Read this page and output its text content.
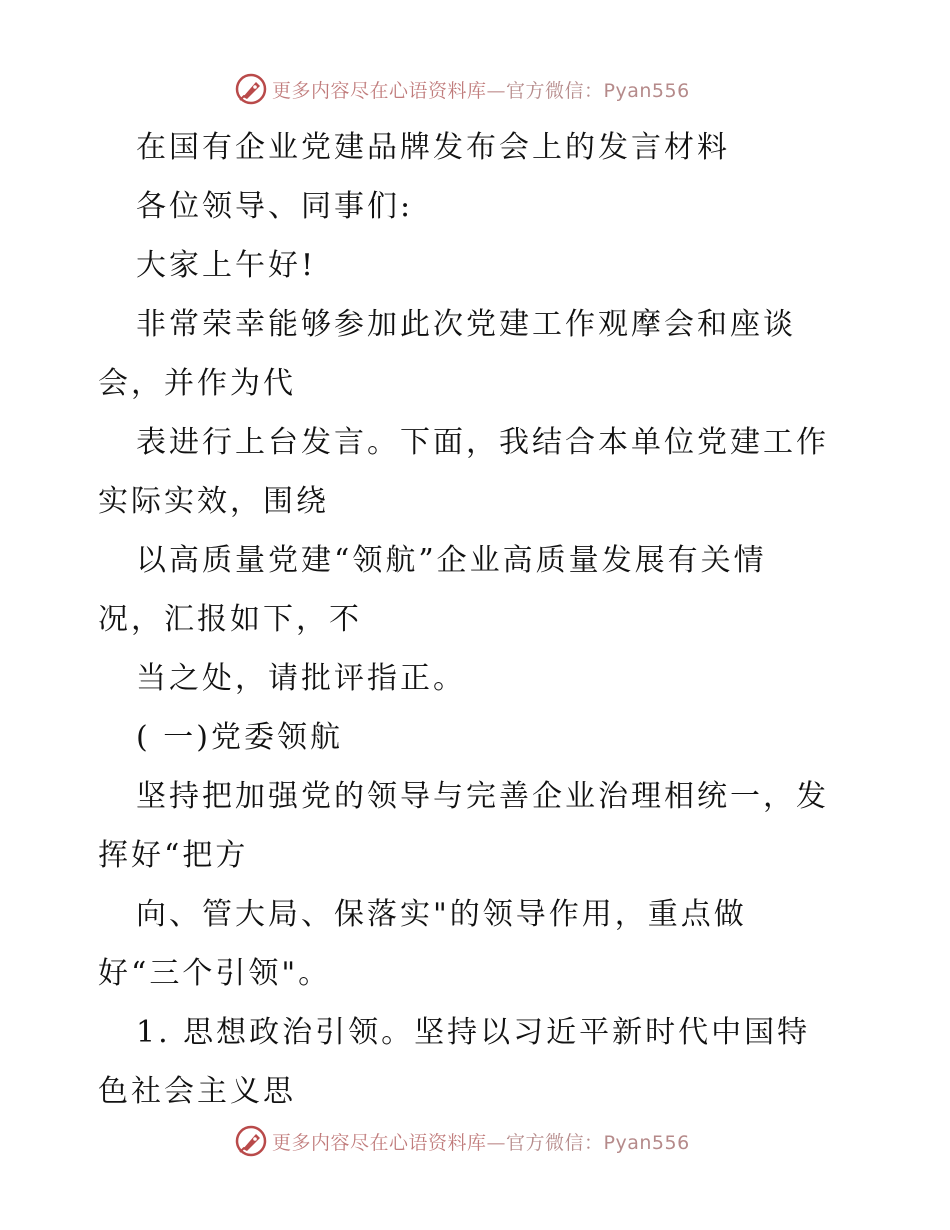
更多内容尽在心语资料库—官方微信：Pyan556
在国有企业党建品牌发布会上的发言材料
各位领导、同事们:
大家上午好!
非常荣幸能够参加此次党建工作观摩会和座谈
会，并作为代
表进行上台发言。下面，我结合本单位党建工作
实际实效，围绕
以高质量党建“领航”企业高质量发展有关情
况，汇报如下，不
当之处，请批评指正。
( 一)党委领航
坚持把加强党的领导与完善企业治理相统一，发
挥好“把方
向、管大局、保落实"的领导作用，重点做
好“三个引领"。
1. 思想政治引领。坚持以习近平新时代中国特
色社会主义思
更多内容尽在心语资料库—官方微信：Pyan556
